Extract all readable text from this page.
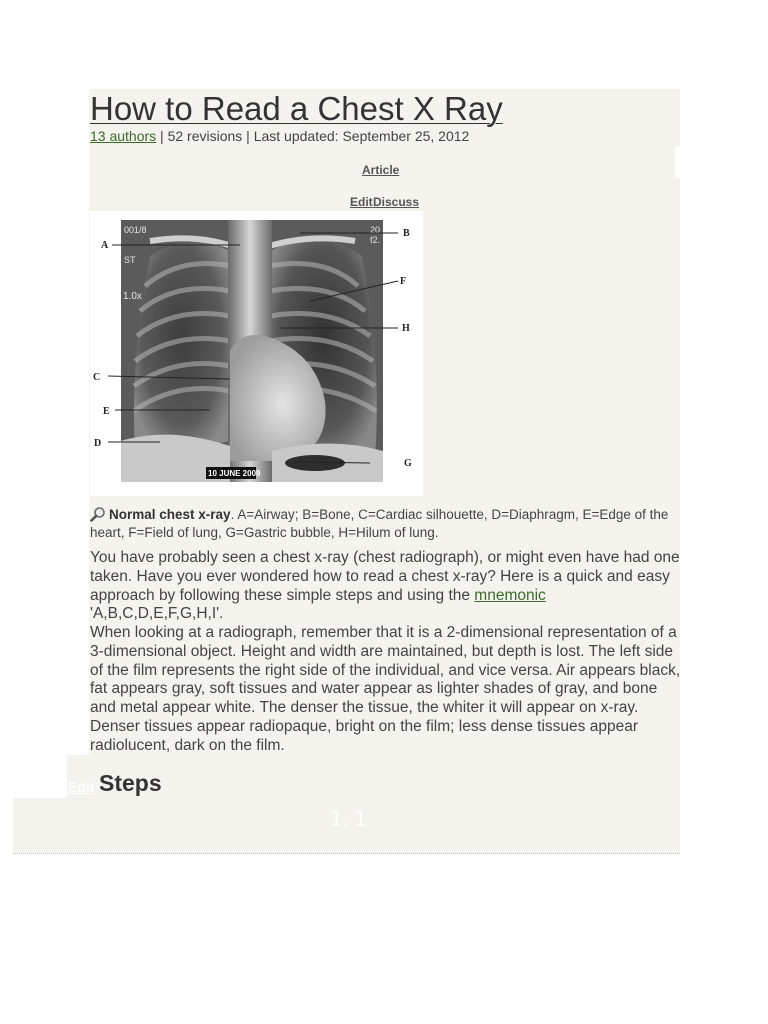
How to Read a Chest X Ray
13 authors | 52 revisions | Last updated: September 25, 2012
Article
Edit Discuss
001/8
ST
1.0x
20
f2.
10 JUNE 2009
A
B
F
H
C
E
D
G
Normal chest x-ray. A=Airway; B=Bone, C=Cardiac silhouette, D=Diaphragm, E=Edge of the heart, F=Field of lung, G=Gastric bubble, H=Hilum of lung.

You have probably seen a chest x-ray (chest radiograph), or might even have had one taken. Have you ever wondered how to read a chest x-ray? Here is a quick and easy approach by following these simple steps and using the mnemonic 'A,B,C,D,E,F,G,H,I'.

When looking at a radiograph, remember that it is a 2-dimensional representation of a 3-dimensional object. Height and width are maintained, but depth is lost. The left side of the film represents the right side of the individual, and vice versa. Air appears black, fat appears gray, soft tissues and water appear as lighter shades of gray, and bone and metal appear white. The denser the tissue, the whiter it will appear on x-ray. Denser tissues appear radiopaque, bright on the film; less dense tissues appear radiolucent, dark on the film.

Edit Steps
1. 1
